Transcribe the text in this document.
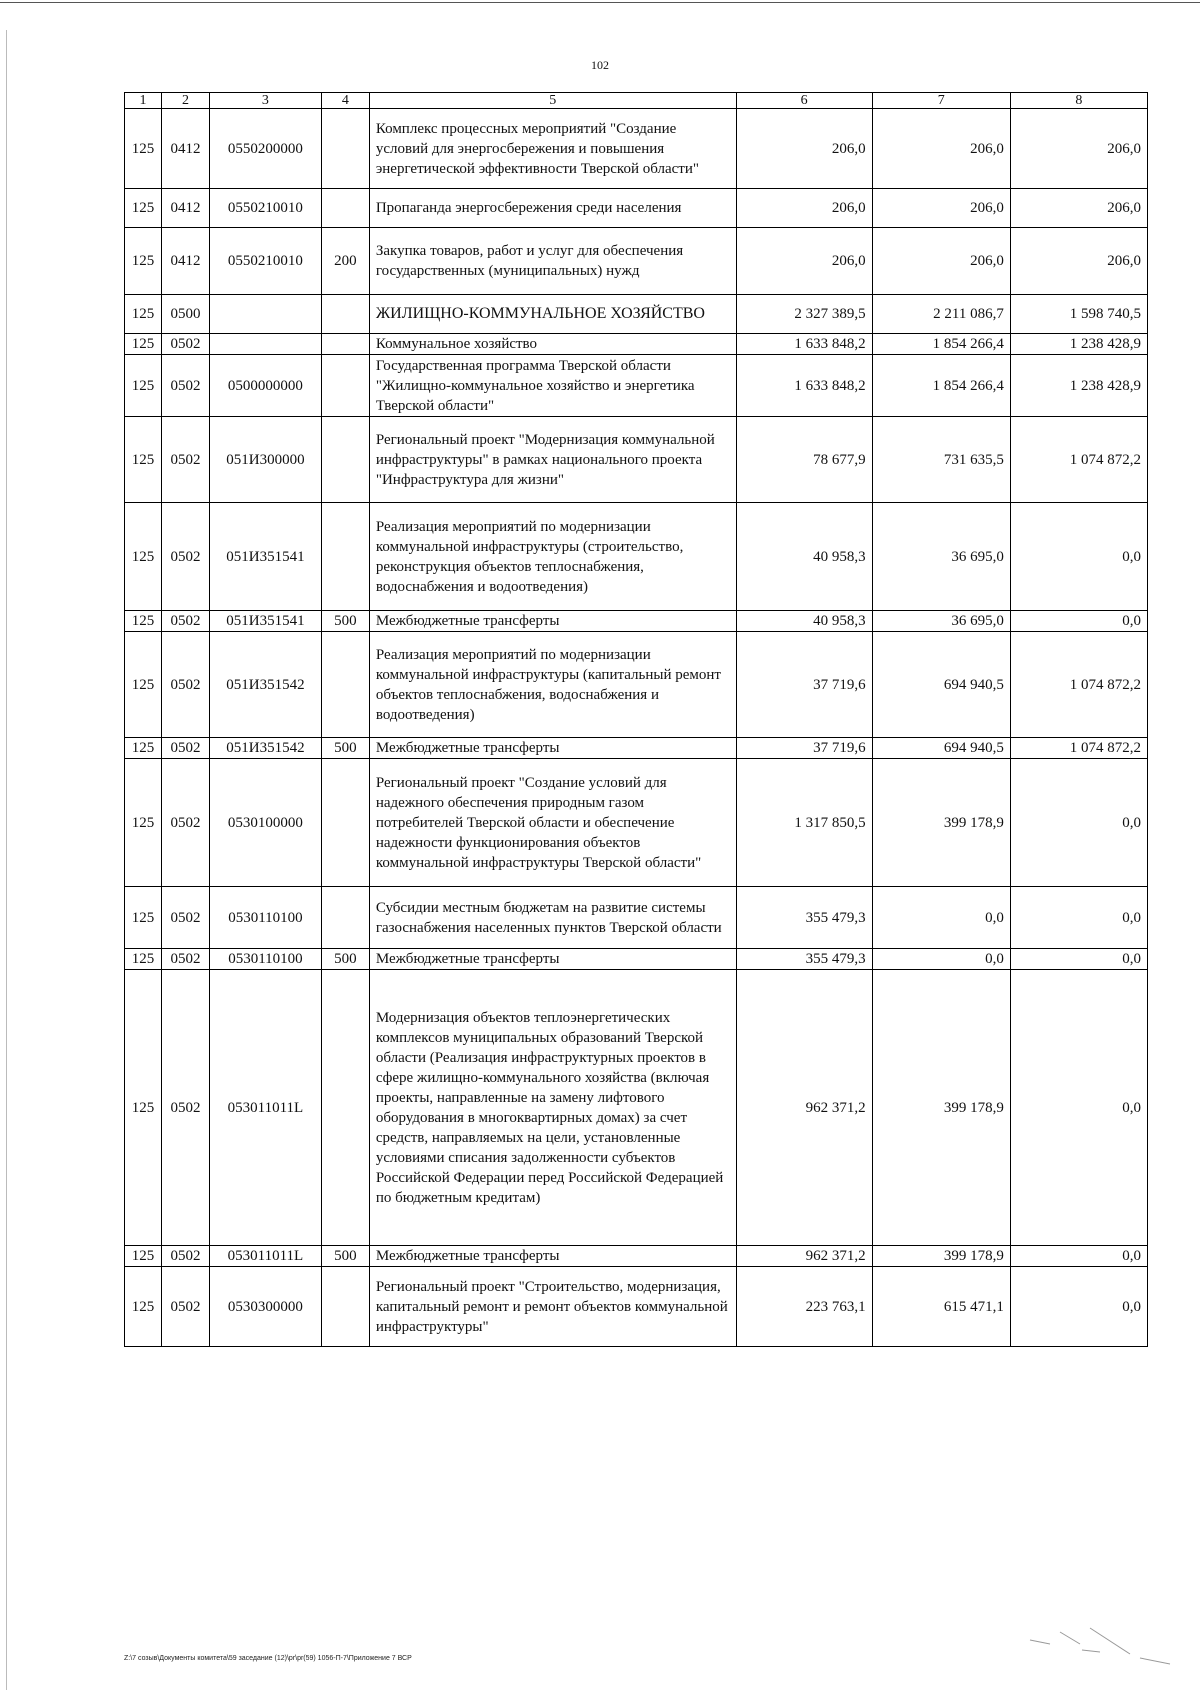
102
1	2	3	4	5	6	7	8
125	0412	0550200000		Комплекс процессных мероприятий "Создание условий для энергосбережения и повышения энергетической эффективности Тверской области"	206,0	206,0	206,0
125	0412	0550210010		Пропаганда энергосбережения среди населения	206,0	206,0	206,0
125	0412	0550210010	200	Закупка товаров, работ и услуг для обеспечения государственных (муниципальных) нужд	206,0	206,0	206,0
125	0500			ЖИЛИЩНО-КОММУНАЛЬНОЕ ХОЗЯЙСТВО	2 327 389,5	2 211 086,7	1 598 740,5
125	0502			Коммунальное хозяйство	1 633 848,2	1 854 266,4	1 238 428,9
125	0502	0500000000		Государственная программа Тверской области "Жилищно-коммунальное хозяйство и энергетика Тверской области"	1 633 848,2	1 854 266,4	1 238 428,9
125	0502	051И300000		Региональный проект "Модернизация коммунальной инфраструктуры" в рамках национального проекта "Инфраструктура для жизни"	78 677,9	731 635,5	1 074 872,2
125	0502	051И351541		Реализация мероприятий по модернизации коммунальной инфраструктуры (строительство, реконструкция объектов теплоснабжения, водоснабжения и водоотведения)	40 958,3	36 695,0	0,0
125	0502	051И351541	500	Межбюджетные трансферты	40 958,3	36 695,0	0,0
125	0502	051И351542		Реализация мероприятий по модернизации коммунальной инфраструктуры (капитальный ремонт объектов теплоснабжения, водоснабжения и водоотведения)	37 719,6	694 940,5	1 074 872,2
125	0502	051И351542	500	Межбюджетные трансферты	37 719,6	694 940,5	1 074 872,2
125	0502	0530100000		Региональный проект "Создание условий для надежного обеспечения природным газом потребителей Тверской области и обеспечение надежности функционирования объектов коммунальной инфраструктуры Тверской области"	1 317 850,5	399 178,9	0,0
125	0502	0530110100		Субсидии местным бюджетам на развитие системы газоснабжения населенных пунктов Тверской области	355 479,3	0,0	0,0
125	0502	0530110100	500	Межбюджетные трансферты	355 479,3	0,0	0,0
125	0502	053011011L		Модернизация объектов теплоэнергетических комплексов муниципальных образований Тверской области (Реализация инфраструктурных проектов в сфере жилищно-коммунального хозяйства (включая проекты, направленные на замену лифтового оборудования в многоквартирных домах) за счет средств, направляемых на цели, установленные условиями списания задолженности субъектов Российской Федерации перед Российской Федерацией по бюджетным кредитам)	962 371,2	399 178,9	0,0
125	0502	053011011L	500	Межбюджетные трансферты	962 371,2	399 178,9	0,0
125	0502	0530300000		Региональный проект "Строительство, модернизация, капитальный ремонт и ремонт объектов коммунальной инфраструктуры"	223 763,1	615 471,1	0,0
Z:\7 созыв\Документы комитета\59 заседание (12)\pr\pr(59) 1056-П-7\Приложение 7 ВСР
